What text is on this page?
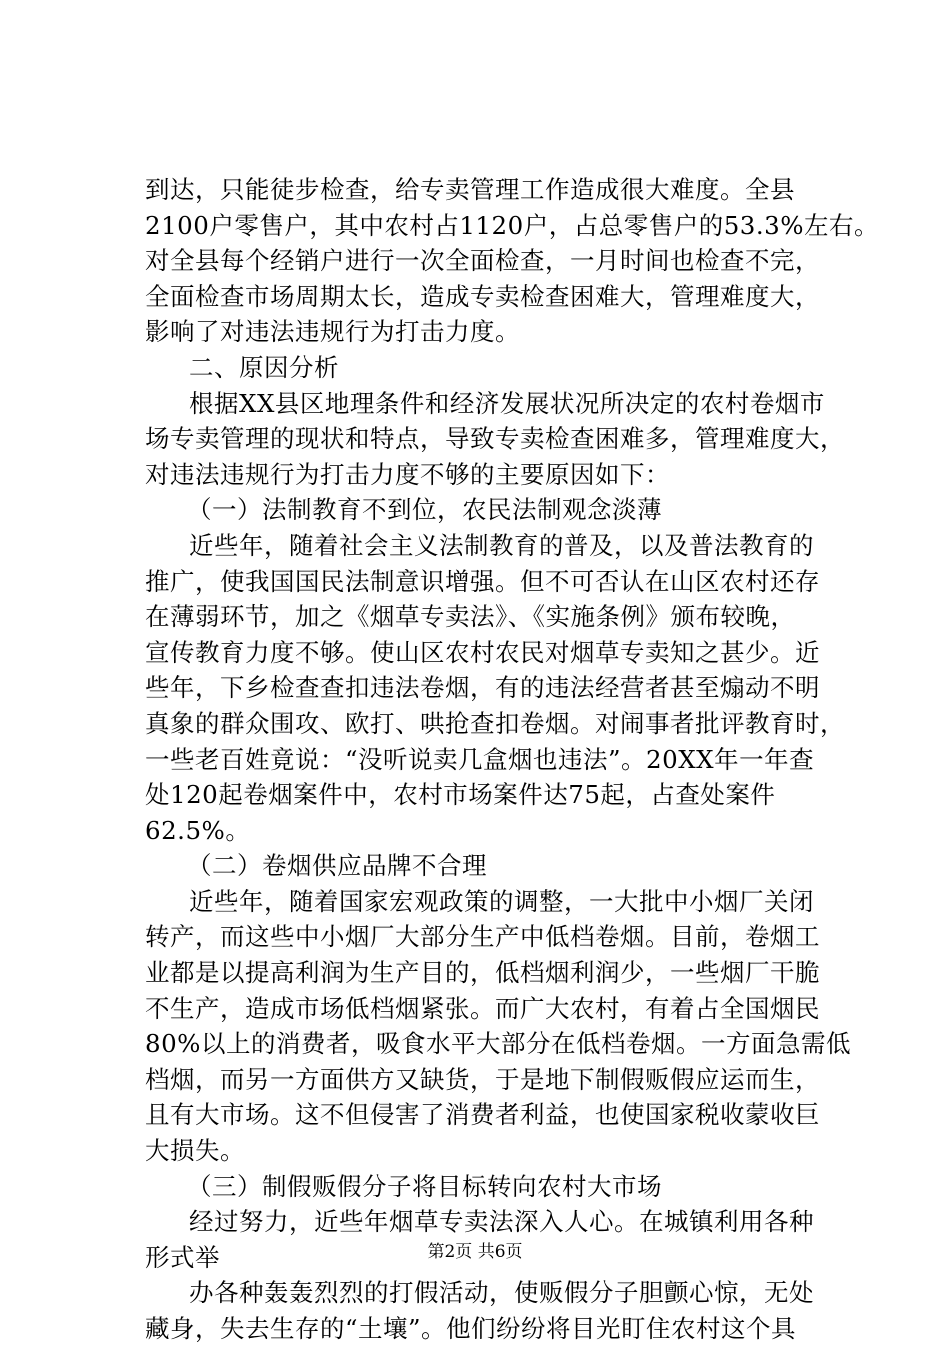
到达，只能徒步检查，给专卖管理工作造成很大难度。全县
2100户零售户，其中农村占1120户，占总零售户的53.3%左右。
对全县每个经销户进行一次全面检查，一月时间也检查不完，
全面检查市场周期太长，造成专卖检查困难大，管理难度大，
影响了对违法违规行为打击力度。
二、原因分析
根据XX县区地理条件和经济发展状况所决定的农村卷烟市
场专卖管理的现状和特点，导致专卖检查困难多，管理难度大，
对违法违规行为打击力度不够的主要原因如下：
（一）法制教育不到位，农民法制观念淡薄
近些年，随着社会主义法制教育的普及，以及普法教育的
推广，使我国国民法制意识增强。但不可否认在山区农村还存
在薄弱环节，加之《烟草专卖法》、《实施条例》颁布较晚，
宣传教育力度不够。使山区农村农民对烟草专卖知之甚少。近
些年，下乡检查查扣违法卷烟，有的违法经营者甚至煽动不明
真象的群众围攻、欧打、哄抢查扣卷烟。对闹事者批评教育时，
一些老百姓竟说：“没听说卖几盒烟也违法”。20XX年一年查
处120起卷烟案件中，农村市场案件达75起，占查处案件
62.5%。
（二）卷烟供应品牌不合理
近些年，随着国家宏观政策的调整，一大批中小烟厂关闭
转产，而这些中小烟厂大部分生产中低档卷烟。目前，卷烟工
业都是以提高利润为生产目的，低档烟利润少，一些烟厂干脆
不生产，造成市场低档烟紧张。而广大农村，有着占全国烟民
80%以上的消费者，吸食水平大部分在低档卷烟。一方面急需低
档烟，而另一方面供方又缺货，于是地下制假贩假应运而生，
且有大市场。这不但侵害了消费者利益，也使国家税收蒙收巨
大损失。
（三）制假贩假分子将目标转向农村大市场
经过努力，近些年烟草专卖法深入人心。在城镇利用各种
形式举
办各种轰轰烈烈的打假活动，使贩假分子胆颤心惊，无处
藏身，失去生存的“土壤”。他们纷纷将目光盯住农村这个具
第2页 共6页
